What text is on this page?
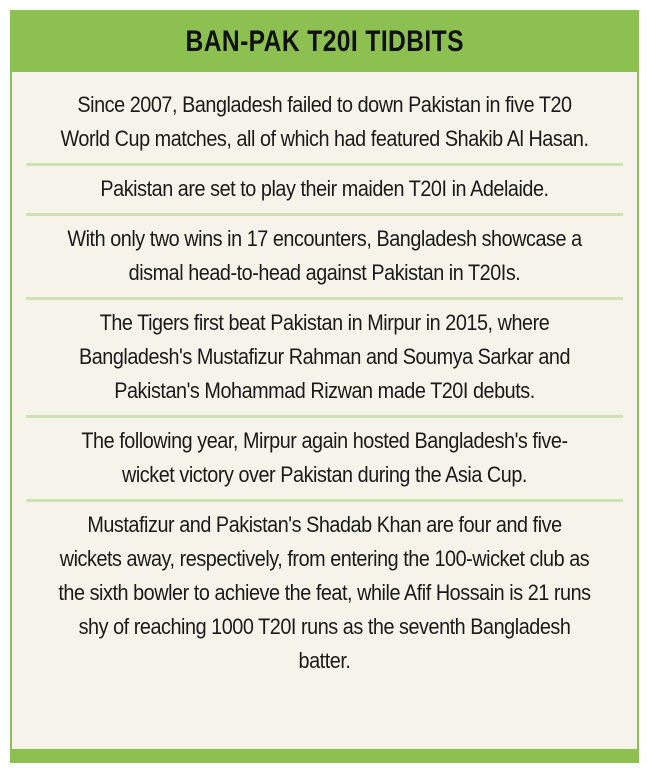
BAN-PAK T20I TIDBITS
Since 2007, Bangladesh failed to down Pakistan in five T20 World Cup matches, all of which had featured Shakib Al Hasan.
Pakistan are set to play their maiden T20I in Adelaide.
With only two wins in 17 encounters, Bangladesh showcase a dismal head-to-head against Pakistan in T20Is.
The Tigers first beat Pakistan in Mirpur in 2015, where Bangladesh's Mustafizur Rahman and Soumya Sarkar and Pakistan's Mohammad Rizwan made T20I debuts.
The following year, Mirpur again hosted Bangladesh's five-wicket victory over Pakistan during the Asia Cup.
Mustafizur and Pakistan's Shadab Khan are four and five wickets away, respectively, from entering the 100-wicket club as the sixth bowler to achieve the feat, while Afif Hossain is 21 runs shy of reaching 1000 T20I runs as the seventh Bangladesh batter.
